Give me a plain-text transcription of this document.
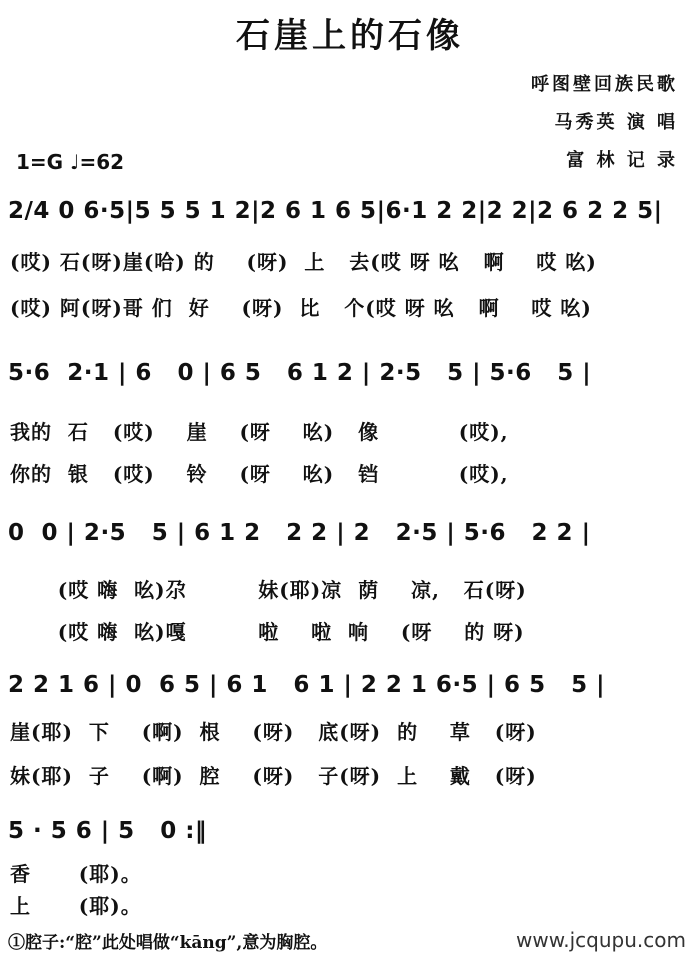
石崖上的石像
呼图壁回族民歌
马秀英 演 唱
富 林 记 录
1=G ♩=62
2/4 0 6·5|5 5 5 1 2|2 6 1 6 5|6·1 2 2|2 2|2 6 2 2 5|
(哎) 石(呀)崖(哈) 的    (呀)  上   去(哎 呀 吆   啊    哎 吆)
(哎) 阿(呀)哥 们  好    (呀)  比   个(哎 呀 吆   啊    哎 吆)
5·6  2·1 | 6   0 | 6 5   6 1 2 | 2·5   5 | 5·6   5 |
我的  石   (哎)    崖    (呀    吆)   像          (哎),
你的  银   (哎)    铃    (呀    吆)   铛          (哎),
0  0 | 2·5   5 | 6 1 2   2 2 | 2   2·5 | 5·6   2 2 |
(哎 嗨  吆)尕         妹(耶)凉  荫    凉,   石(呀)
(哎 嗨  吆)嘎         啦    啦  响    (呀    的 呀)
2 2 1 6 | 0  6 5 | 6 1   6 1 | 2 2 1 6·5 | 6 5   5 |
崖(耶)  下    (啊)  根    (呀)   底(呀)  的    草   (呀)
妹(耶)  子    (啊)  腔    (呀)   子(呀)  上    戴   (呀)
5 · 5 6 | 5   0 :‖
香      (耶)。
上      (耶)。
①腔子:“腔”此处唱做“kāng”,意为胸腔。	www.jcqupu.com
